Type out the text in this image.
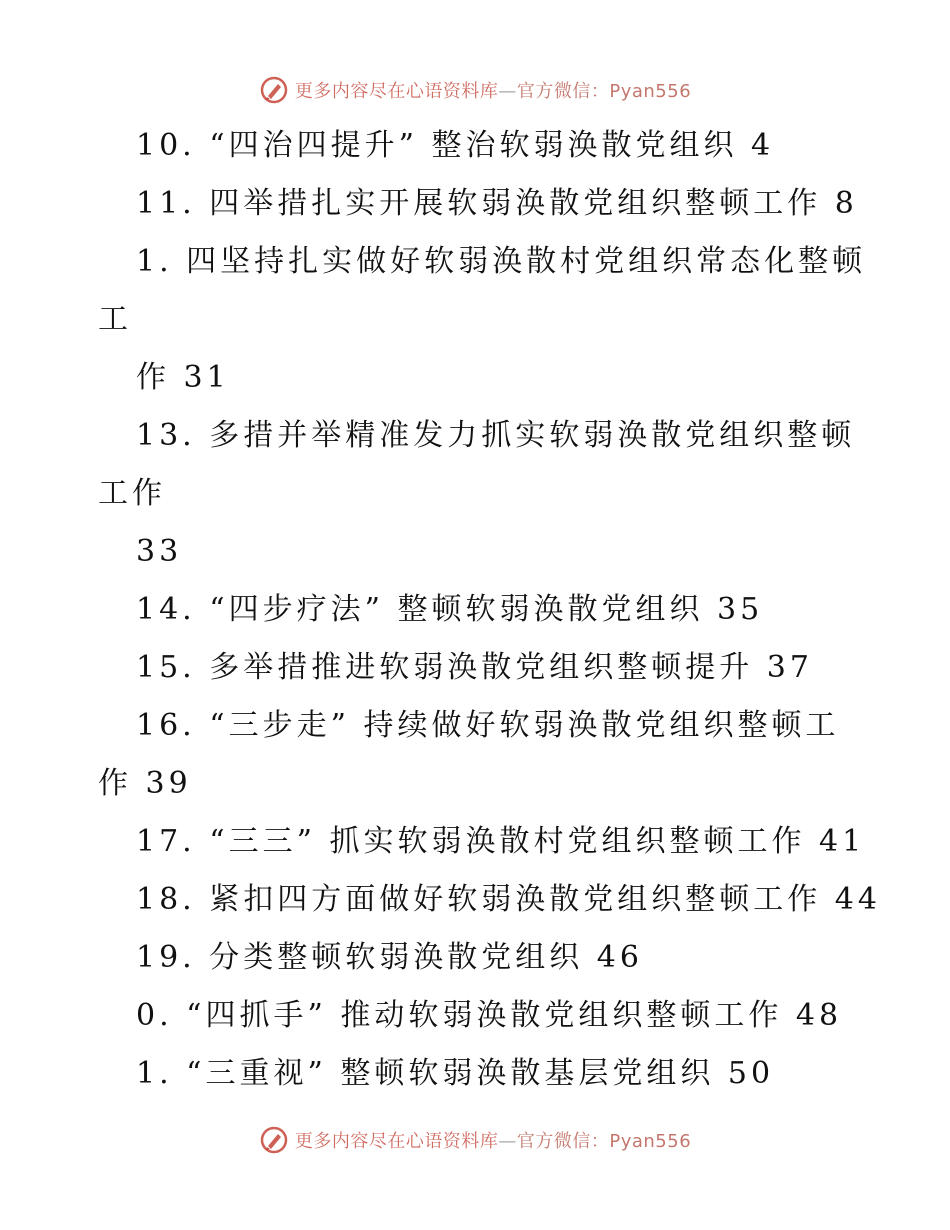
更多内容尽在心语资料库—官方微信：Pyan556
10. “四治四提升” 整治软弱涣散党组织 4
11. 四举措扎实开展软弱涣散党组织整顿工作 8
1. 四坚持扎实做好软弱涣散村党组织常态化整顿
工
作 31
13. 多措并举精准发力抓实软弱涣散党组织整顿
工作
33
14. “四步疗法” 整顿软弱涣散党组织 35
15. 多举措推进软弱涣散党组织整顿提升 37
16. “三步走” 持续做好软弱涣散党组织整顿工
作 39
17. “三三” 抓实软弱涣散村党组织整顿工作 41
18. 紧扣四方面做好软弱涣散党组织整顿工作 44
19. 分类整顿软弱涣散党组织 46
0. “四抓手” 推动软弱涣散党组织整顿工作 48
1. “三重视” 整顿软弱涣散基层党组织 50
更多内容尽在心语资料库—官方微信：Pyan556
